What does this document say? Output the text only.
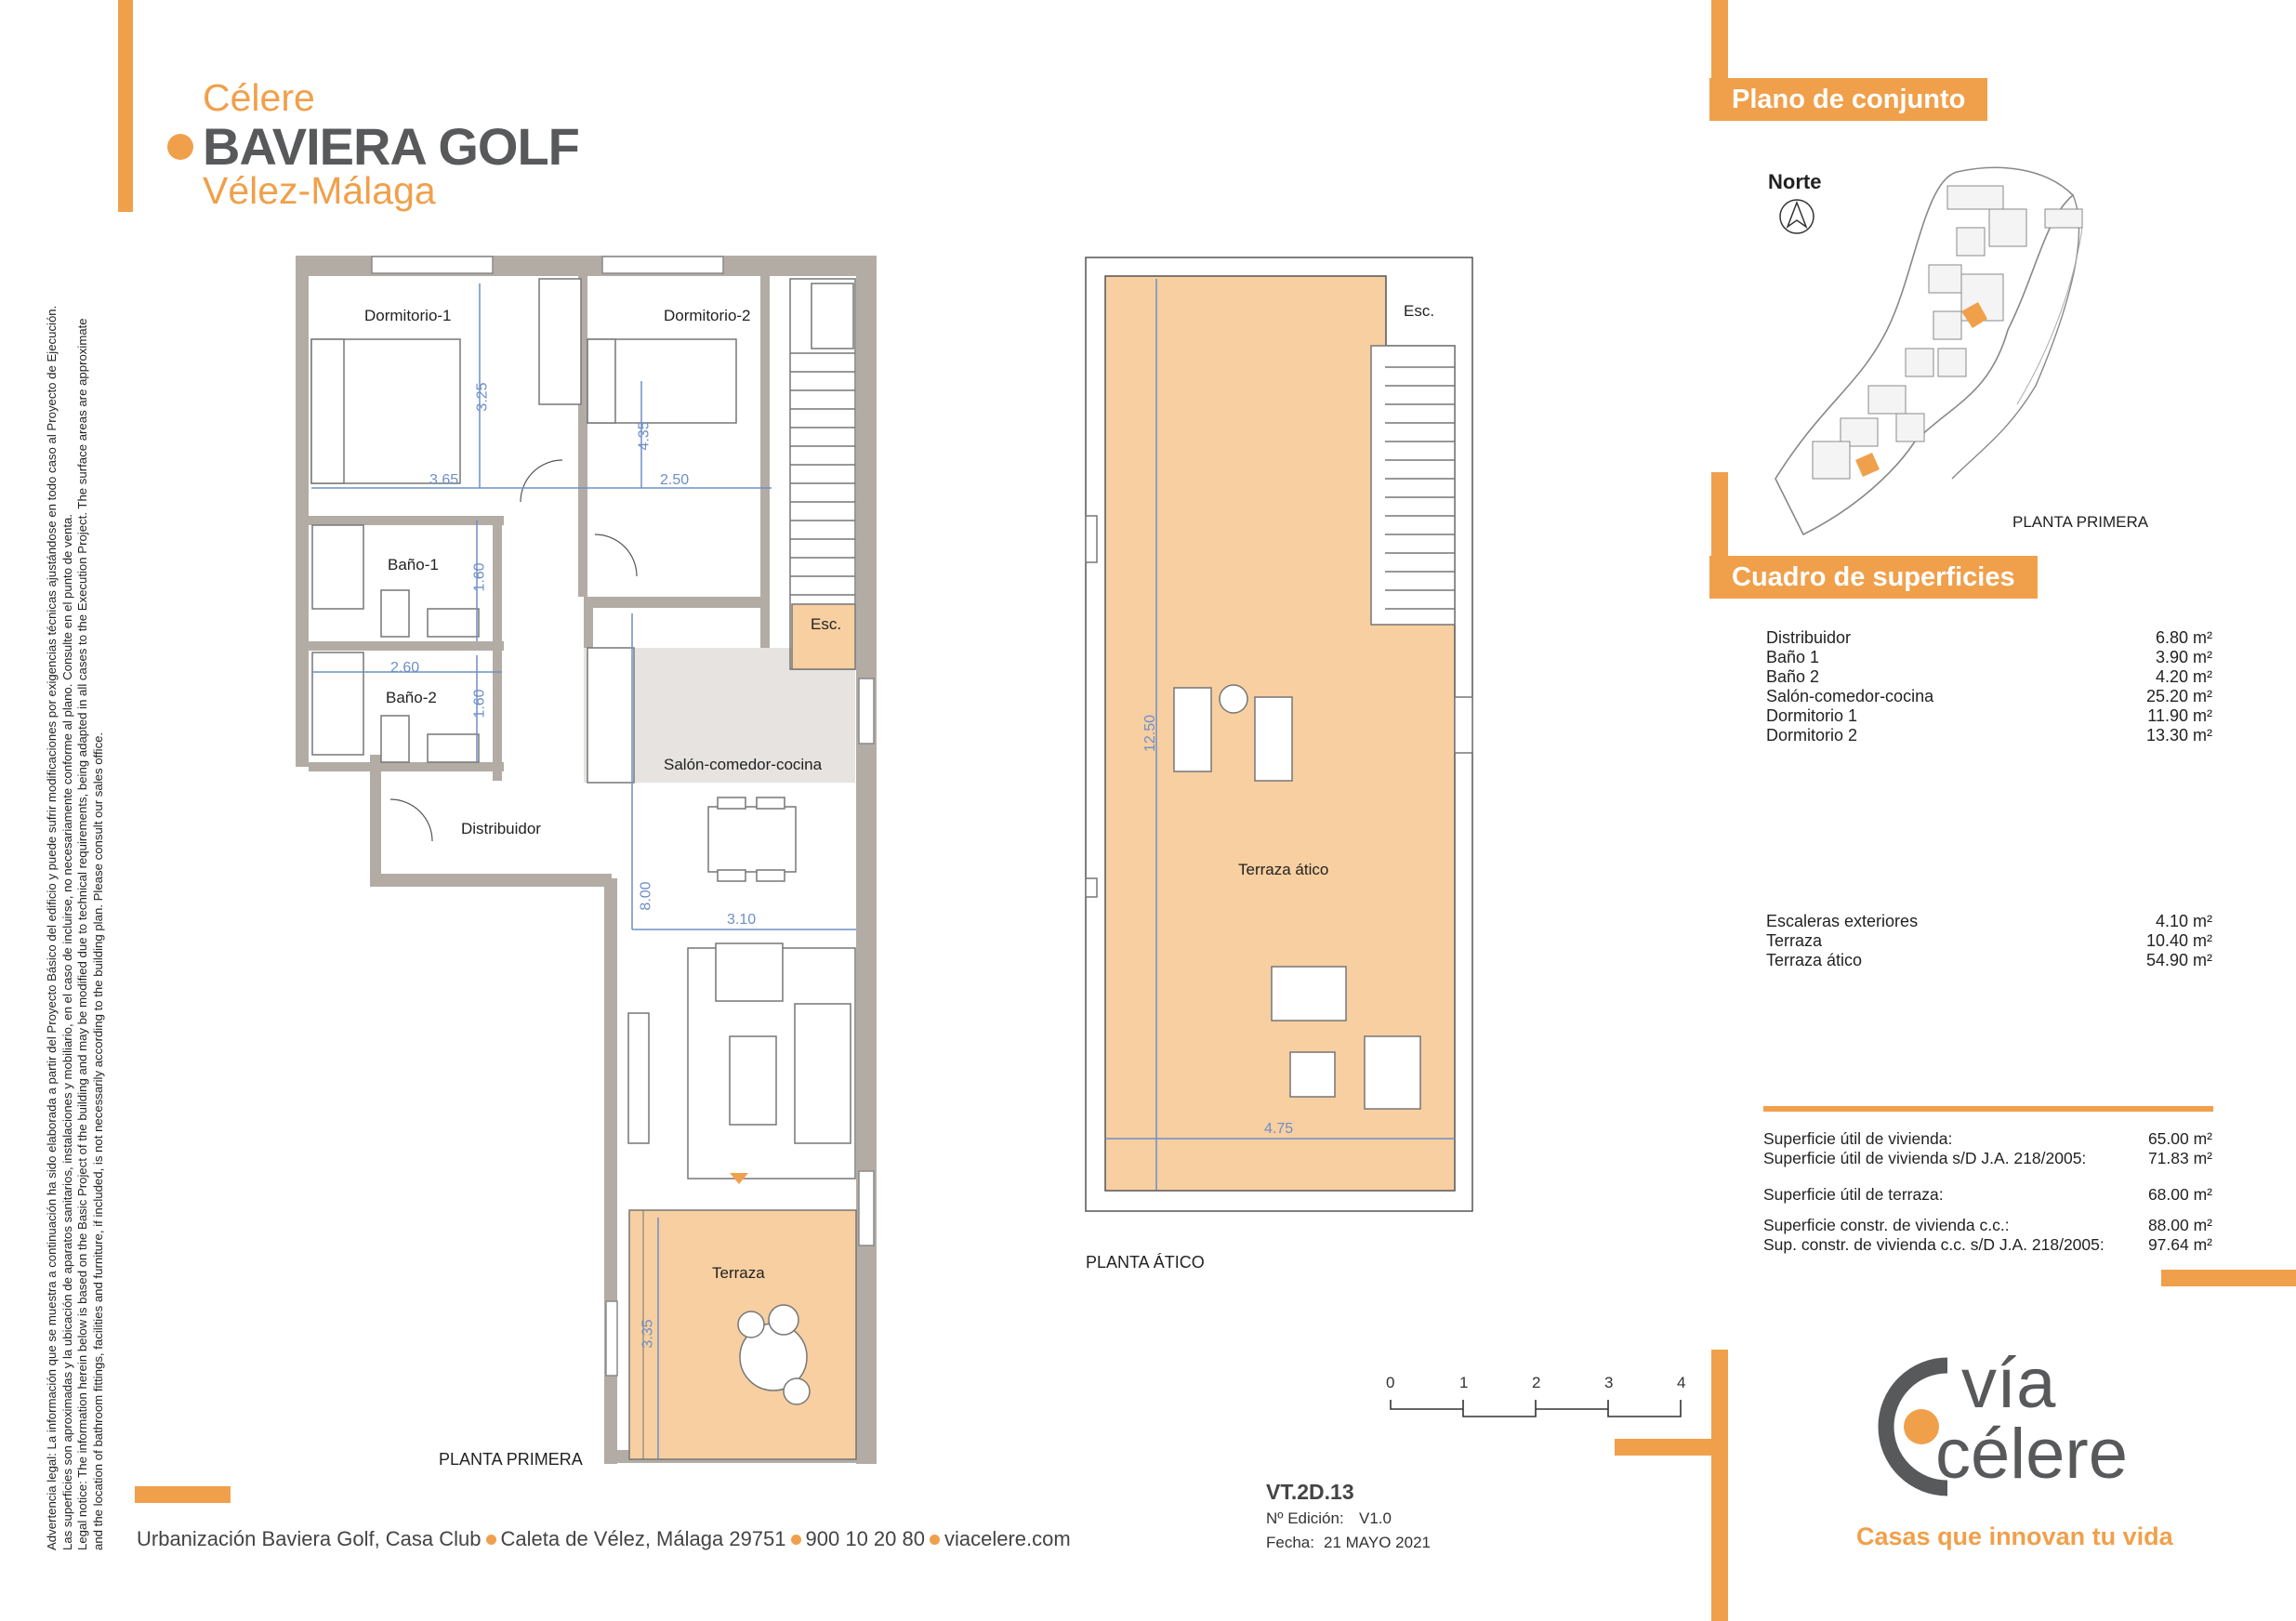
Advertencia legal: La información que se muestra a continuación ha sido elaborada a partir del Proyecto Básico del edificio y puede sufrir modificaciones por exigencias técnicas ajustándose en todo caso al Proyecto de Ejecución. Las superficies son aproximadas y la ubicación de aparatos sanitarios, instalaciones y mobiliario, en el caso de incluirse, no necesariamente conforme al plano. Consulte en el punto de venta. Legal notice: The information herein below is based on the Basic Project of the building and may be modified due to technical requirements, being adapted in all cases to the Execution Project. The surface areas are approximate and the location of bathroom fittings, facilities and furniture, if included, is not necessarily according to the building plan. Please consult our sales office.
Célere
BAVIERA GOLF
Vélez-Málaga
Dormitorio-1	Dormitorio-2
Baño-1
Baño-2
Esc.
Salón-comedor-cocina
Distribuidor
Terraza
3.25
3.65
4.35
2.50
1.60
2.60
1.60
8.00
3.10
3.35
PLANTA PRIMERA
Esc.
Terraza ático
12.50
4.75
PLANTA ÁTICO
0	1	2	3	4
VT.2D.13
Nº Edición: V1.0
Fecha: 21 MAYO 2021
Urbanización Baviera Golf, Casa Club Caleta de Vélez, Málaga 29751 900 10 20 80 viacelere.com
Plano de conjunto
Norte
PLANTA PRIMERA
Cuadro de superficies
Distribuidor	6.80 m²
Baño 1	3.90 m²
Baño 2	4.20 m²
Salón-comedor-cocina	25.20 m²
Dormitorio 1	11.90 m²
Dormitorio 2	13.30 m²
Escaleras exteriores	4.10 m²
Terraza	10.40 m²
Terraza ático	54.90 m²
Superficie útil de vivienda:	65.00 m²
Superficie útil de vivienda s/D J.A. 218/2005:	71.83 m²
Superficie útil de terraza:	68.00 m²
Superficie constr. de vivienda c.c.:	88.00 m²
Sup. constr. de vivienda c.c. s/D J.A. 218/2005:	97.64 m²
vía
célere
Casas que innovan tu vida
